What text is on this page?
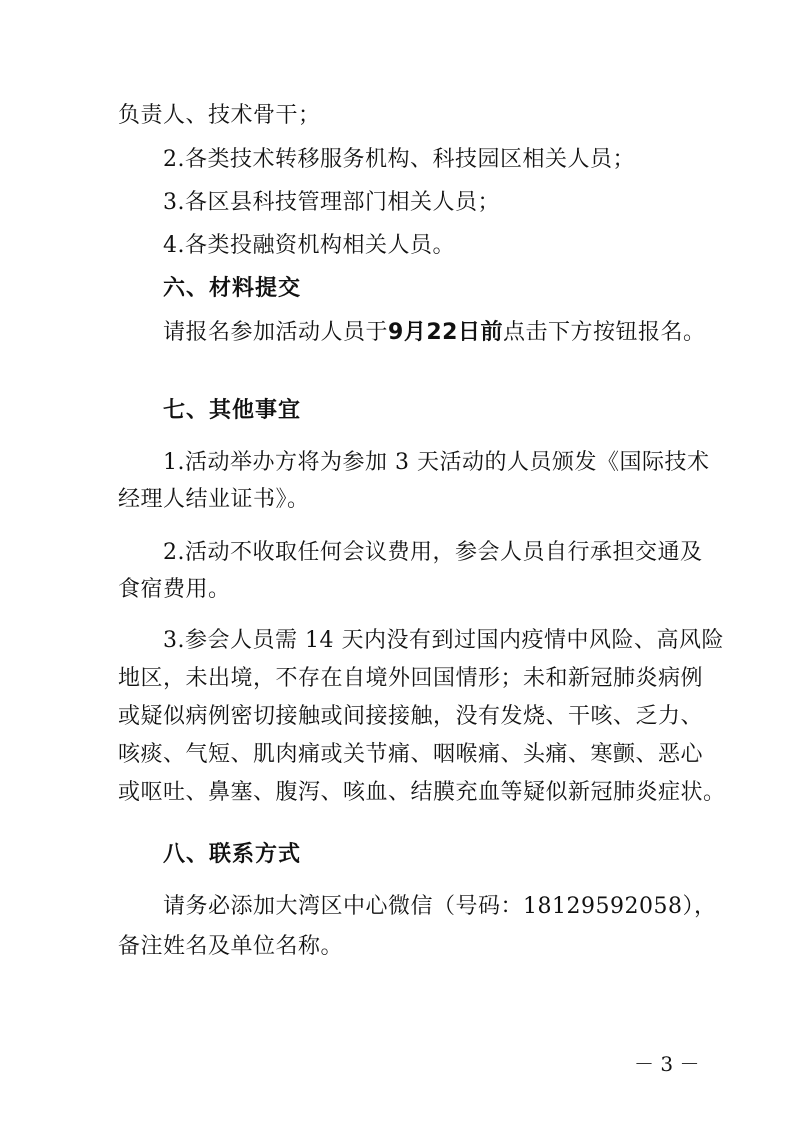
负责人、技术骨干；
2.各类技术转移服务机构、科技园区相关人员；
3.各区县科技管理部门相关人员；
4.各类投融资机构相关人员。
六、材料提交
请报名参加活动人员于9月22日前点击下方按钮报名。
七、其他事宜
1.活动举办方将为参加 3 天活动的人员颁发《国际技术
经理人结业证书》。
2.活动不收取任何会议费用，参会人员自行承担交通及
食宿费用。
3.参会人员需 14 天内没有到过国内疫情中风险、高风险
地区，未出境，不存在自境外回国情形；未和新冠肺炎病例
或疑似病例密切接触或间接接触，没有发烧、干咳、乏力、
咳痰、气短、肌肉痛或关节痛、咽喉痛、头痛、寒颤、恶心
或呕吐、鼻塞、腹泻、咳血、结膜充血等疑似新冠肺炎症状。
八、联系方式
请务必添加大湾区中心微信（号码：18129592058），
备注姓名及单位名称。
－ 3 －
